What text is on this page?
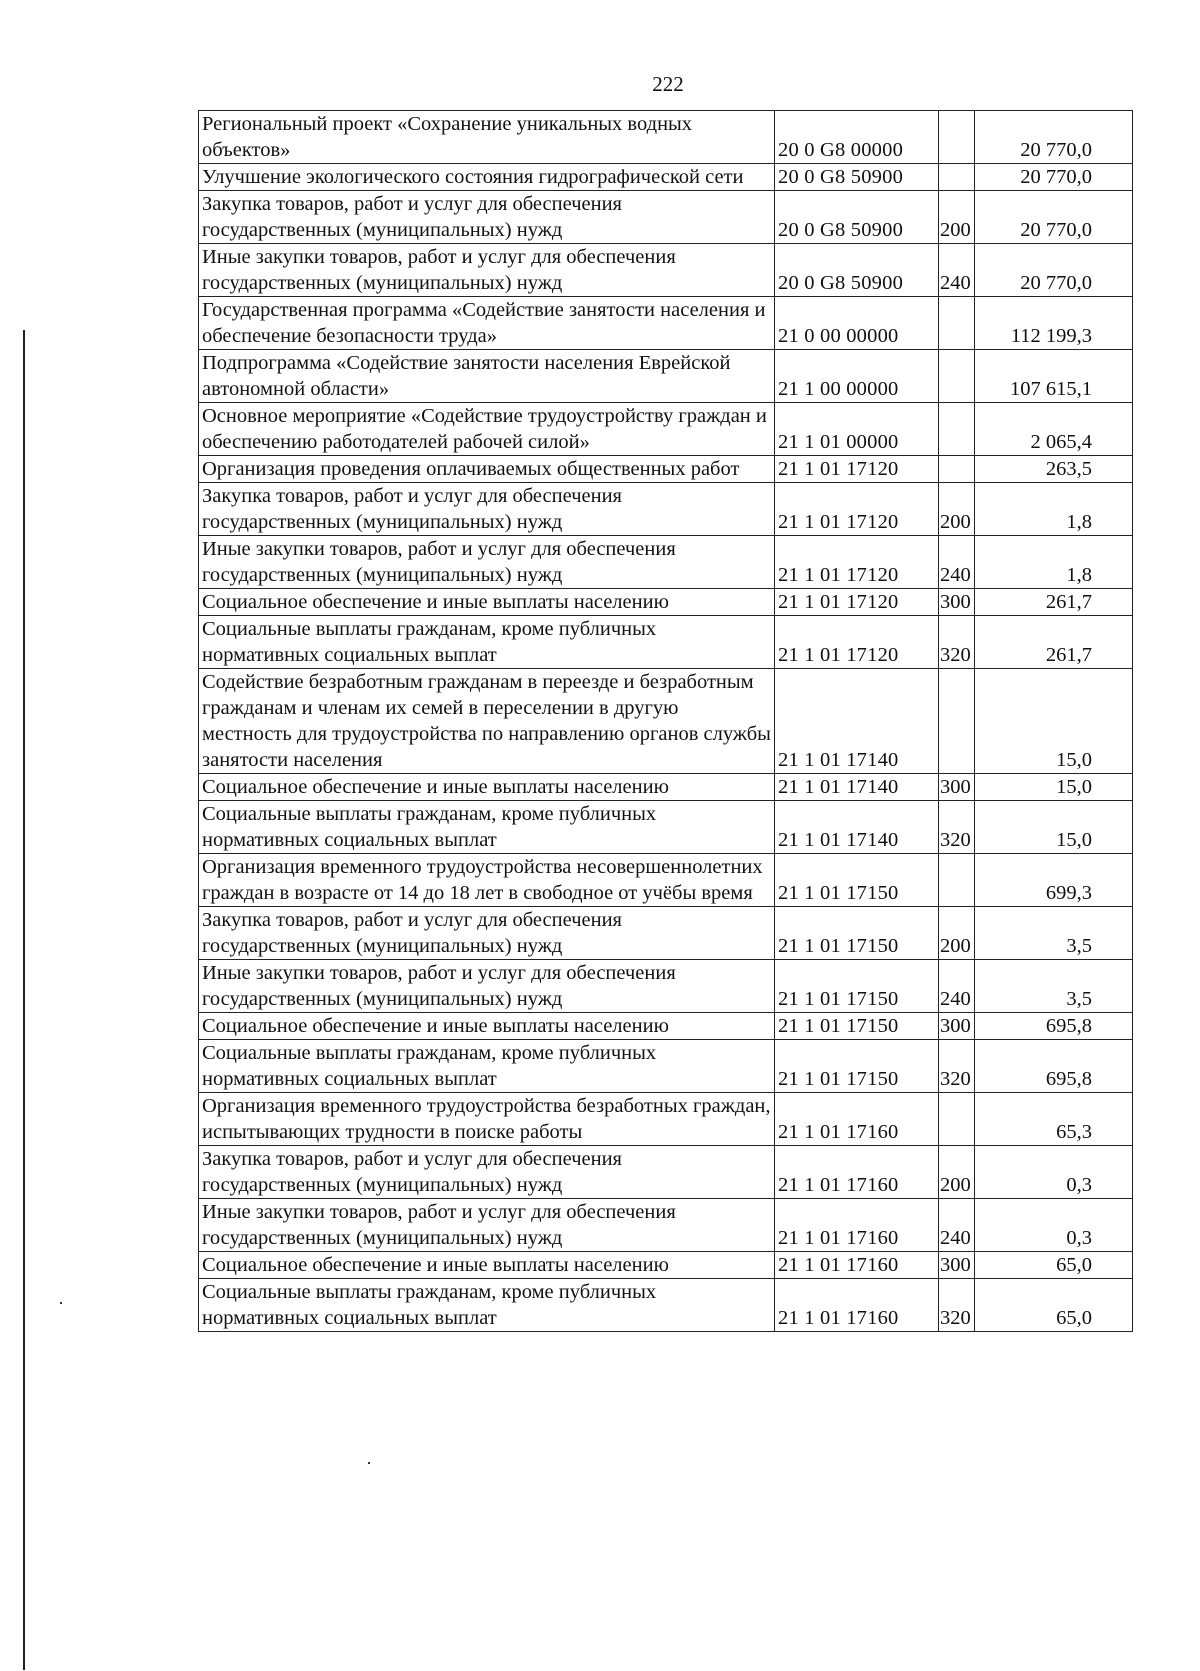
222
Региональный проект «Сохранение уникальных водных объектов»	20 0 G8 00000		20 770,0
Улучшение экологического состояния гидрографической сети	20 0 G8 50900		20 770,0
Закупка товаров, работ и услуг для обеспечения государственных (муниципальных) нужд	20 0 G8 50900	200	20 770,0
Иные закупки товаров, работ и услуг для обеспечения государственных (муниципальных) нужд	20 0 G8 50900	240	20 770,0
Государственная программа «Содействие занятости населения и обеспечение безопасности труда»	21 0 00 00000		112 199,3
Подпрограмма «Содействие занятости населения Еврейской автономной области»	21 1 00 00000		107 615,1
Основное мероприятие «Содействие трудоустройству граждан и обеспечению работодателей рабочей силой»	21 1 01 00000		2 065,4
Организация проведения оплачиваемых общественных работ	21 1 01 17120		263,5
Закупка товаров, работ и услуг для обеспечения государственных (муниципальных) нужд	21 1 01 17120	200	1,8
Иные закупки товаров, работ и услуг для обеспечения государственных (муниципальных) нужд	21 1 01 17120	240	1,8
Социальное обеспечение и иные выплаты населению	21 1 01 17120	300	261,7
Социальные выплаты гражданам, кроме публичных нормативных социальных выплат	21 1 01 17120	320	261,7
Содействие безработным гражданам в переезде и безработным гражданам и членам их семей в переселении в другую местность для трудоустройства по направлению органов службы занятости населения	21 1 01 17140		15,0
Социальное обеспечение и иные выплаты населению	21 1 01 17140	300	15,0
Социальные выплаты гражданам, кроме публичных нормативных социальных выплат	21 1 01 17140	320	15,0
Организация временного трудоустройства несовершеннолетних граждан в возрасте от 14 до 18 лет в свободное от учёбы время	21 1 01 17150		699,3
Закупка товаров, работ и услуг для обеспечения государственных (муниципальных) нужд	21 1 01 17150	200	3,5
Иные закупки товаров, работ и услуг для обеспечения государственных (муниципальных) нужд	21 1 01 17150	240	3,5
Социальное обеспечение и иные выплаты населению	21 1 01 17150	300	695,8
Социальные выплаты гражданам, кроме публичных нормативных социальных выплат	21 1 01 17150	320	695,8
Организация временного трудоустройства безработных граждан, испытывающих трудности в поиске работы	21 1 01 17160		65,3
Закупка товаров, работ и услуг для обеспечения государственных (муниципальных) нужд	21 1 01 17160	200	0,3
Иные закупки товаров, работ и услуг для обеспечения государственных (муниципальных) нужд	21 1 01 17160	240	0,3
Социальное обеспечение и иные выплаты населению	21 1 01 17160	300	65,0
Социальные выплаты гражданам, кроме публичных нормативных социальных выплат	21 1 01 17160	320	65,0
